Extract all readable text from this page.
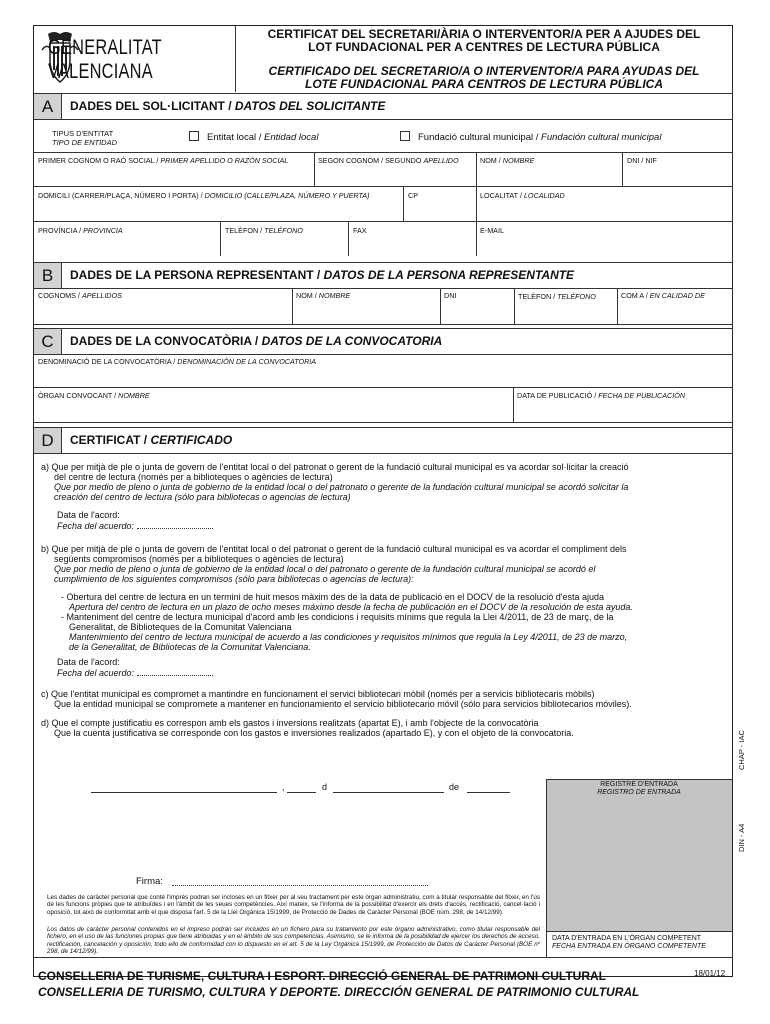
GENERALITAT
VALENCIANA
CERTIFICAT DEL SECRETARI/ÀRIA O INTERVENTOR/A PER A AJUDES DEL
LOT FUNDACIONAL PER A CENTRES DE LECTURA PÚBLICA
CERTIFICADO DEL SECRETARIO/A O INTERVENTOR/A PARA AYUDAS DEL
LOTE FUNDACIONAL PARA CENTROS DE LECTURA PÚBLICA
A	DADES DEL SOL·LICITANT / DATOS DEL SOLICITANTE
TIPUS D'ENTITAT
TIPO DE ENTIDAD	Entitat local / Entidad local	Fundació cultural municipal / Fundación cultural municipal
PRIMER COGNOM O RAÓ SOCIAL / PRIMER APELLIDO O RAZÓN SOCIAL	SEGON COGNOM / SEGUNDO APELLIDO	NOM / NOMBRE	DNI / NIF
DOMICILI (CARRER/PLAÇA, NÚMERO I PORTA) / DOMICILIO (CALLE/PLAZA, NÚMERO Y PUERTA)	CP	LOCALITAT / LOCALIDAD
PROVÍNCIA / PROVINCIA	TELÈFON / TELÉFONO	FAX	E-MAIL
B	DADES DE LA PERSONA REPRESENTANT / DATOS DE LA PERSONA REPRESENTANTE
COGNOMS / APELLIDOS	NOM / NOMBRE	DNI	TELÈFON / TELÉFONO	COM A / EN CALIDAD DE
C	DADES DE LA CONVOCATÒRIA / DATOS DE LA CONVOCATORIA
DENOMINACIÓ DE LA CONVOCATÒRIA / DENOMINACIÓN DE LA CONVOCATORIA
ÒRGAN CONVOCANT / NOMBRE	DATA DE PUBLICACIÓ / FECHA DE PUBLICACIÓN
D	CERTIFICAT / CERTIFICADO
a) Que per mitjà de ple o junta de govern de l'entitat local o del patronat o gerent de la fundació cultural municipal es va acordar sol·licitar la creació
del centre de lectura (només per a biblioteques o agències de lectura)
Que por medio de pleno o junta de gobierno de la entidad local o del patronato o gerente de la fundación cultural municipal se acordó solicitar la
creación del centro de lectura (sólo para bibliotecas o agencias de lectura)
Data de l'acord:
Fecha del acuerdo:
b) Que per mitjà de ple o junta de govern de l'entitat local o del patronat o gerent de la fundació cultural municipal es va acordar el compliment dels
següents compromisos (només per a biblioteques o agències de lectura)
Que por medio de pleno o junta de gobierno de la entidad local o del patronato o gerente de la fundación cultural municipal se acordó el
cumplimiento de los siguientes compromisos (sólo para bibliotecas o agencias de lectura):
- Obertura del centre de lectura en un termini de huit mesos màxim des de la data de publicació en el DOCV de la resolució d'esta ajuda
Apertura del centro de lectura en un plazo de ocho meses máximo desde la fecha de publicación en el DOCV de la resolución de esta ayuda.
- Manteniment del centre de lectura municipal d'acord amb les condicions i requisits mínims que regula la Llei 4/2011, de 23 de març, de la
Generalitat, de Biblioteques de la Comunitat Valenciana
Mantenimiento del centro de lectura municipal de acuerdo a las condiciones y requisitos mínimos que regula la Ley 4/2011, de 23 de marzo,
de la Generalitat, de Bibliotecas de la Comunitat Valenciana.
Data de l'acord:
Fecha del acuerdo:
c) Que l'entitat municipal es compromet a mantindre en funcionament el servici bibliotecari mòbil (només per a servicis bibliotecaris mòbils)
Que la entidad municipal se compromete a mantener en funcionamiento el servicio bibliotecario móvil (sólo para servicios bibliotecarios móviles).
d) Que el compte justificatiu es correspon amb els gastos i inversions realitzats (apartat E), i amb l'objecte de la convocatòria
Que la cuenta justificativa se corresponde con los gastos e inversiones realizados (apartado E), y con el objeto de la convocatoria.
,	d	de
Firma:
REGISTRE D'ENTRADA
REGISTRO DE ENTRADA
DATA D'ENTRADA EN L'ÒRGAN COMPETENT
FECHA ENTRADA EN ÓRGANO COMPETENTE
Les dades de caràcter personal que conté l'imprés podran ser incloses en un fitxer per al seu tractament per este òrgan administratiu, com a titular responsable del fitxer, en l'ús de les funcions pròpies que té atribuïdes i en l'àmbit de les seues competències. Així mateix, se l'informa de la possibilitat d'exercir els drets d'accés, rectificació, cancel·lació i oposició, tot això de conformitat amb el que disposa l'art. 5 de la Llei Orgànica 15/1999, de Protecció de Dades de Caràcter Personal (BOE núm. 298, de 14/12/99).
Los datos de carácter personal contenidos en el impreso podrán ser incluidos en un fichero para su tratamiento por este órgano administrativo, como titular responsable del fichero, en el uso de las funciones propias que tiene atribuidas y en el ámbito de sus competencias. Asimismo, se le informa de la posibilidad de ejercer los derechos de acceso, rectificación, cancelación y oposición, todo ello de conformidad con lo dispuesto en el art. 5 de la Ley Orgánica 15/1999, de Protección de Datos de Carácter Personal (BOE nº 298, de 14/12/99).
CHAP - IAC
DIN - A4
CONSELLERIA DE TURISME, CULTURA I ESPORT. DIRECCIÓ GENERAL DE PATRIMONI CULTURAL
CONSELLERIA DE TURISMO, CULTURA Y DEPORTE. DIRECCIÓN GENERAL DE PATRIMONIO CULTURAL
18/01/12
